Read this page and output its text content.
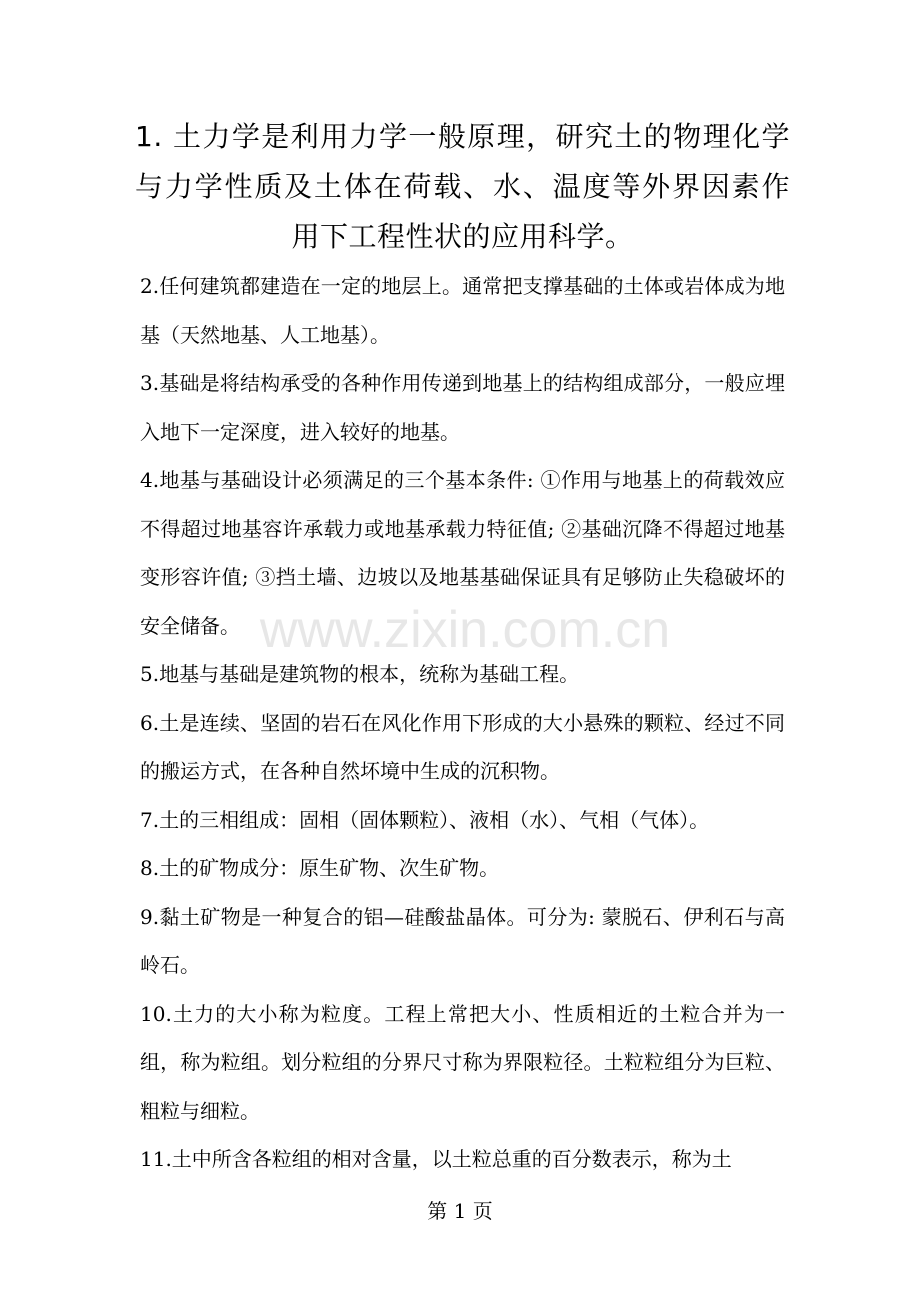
1. 土力学是利用力学一般原理，研究土的物理化学与力学性质及土体在荷载、水、温度等外界因素作用下工程性状的应用科学。

2.任何建筑都建造在一定的地层上。通常把支撑基础的土体或岩体成为地基（天然地基、人工地基）。

3.基础是将结构承受的各种作用传递到地基上的结构组成部分，一般应埋入地下一定深度，进入较好的地基。

4.地基与基础设计必须满足的三个基本条件: ①作用与地基上的荷载效应不得超过地基容许承载力或地基承载力特征值; ②基础沉降不得超过地基变形容许值; ③挡土墙、边坡以及地基基础保证具有足够防止失稳破坏的安全储备。

5.地基与基础是建筑物的根本，统称为基础工程。

6.土是连续、坚固的岩石在风化作用下形成的大小悬殊的颗粒、经过不同的搬运方式，在各种自然坏境中生成的沉积物。

7.土的三相组成：固相（固体颗粒）、液相（水）、气相（气体）。

8.土的矿物成分：原生矿物、次生矿物。

9.黏土矿物是一种复合的铝—硅酸盐晶体。可分为: 蒙脱石、伊利石与高岭石。

10.土力的大小称为粒度。工程上常把大小、性质相近的土粒合并为一组，称为粒组。划分粒组的分界尺寸称为界限粒径。土粒粒组分为巨粒、粗粒与细粒。

11.土中所含各粒组的相对含量，以土粒总重的百分数表示，称为土

www.zixin.com.cn
第 1 页
